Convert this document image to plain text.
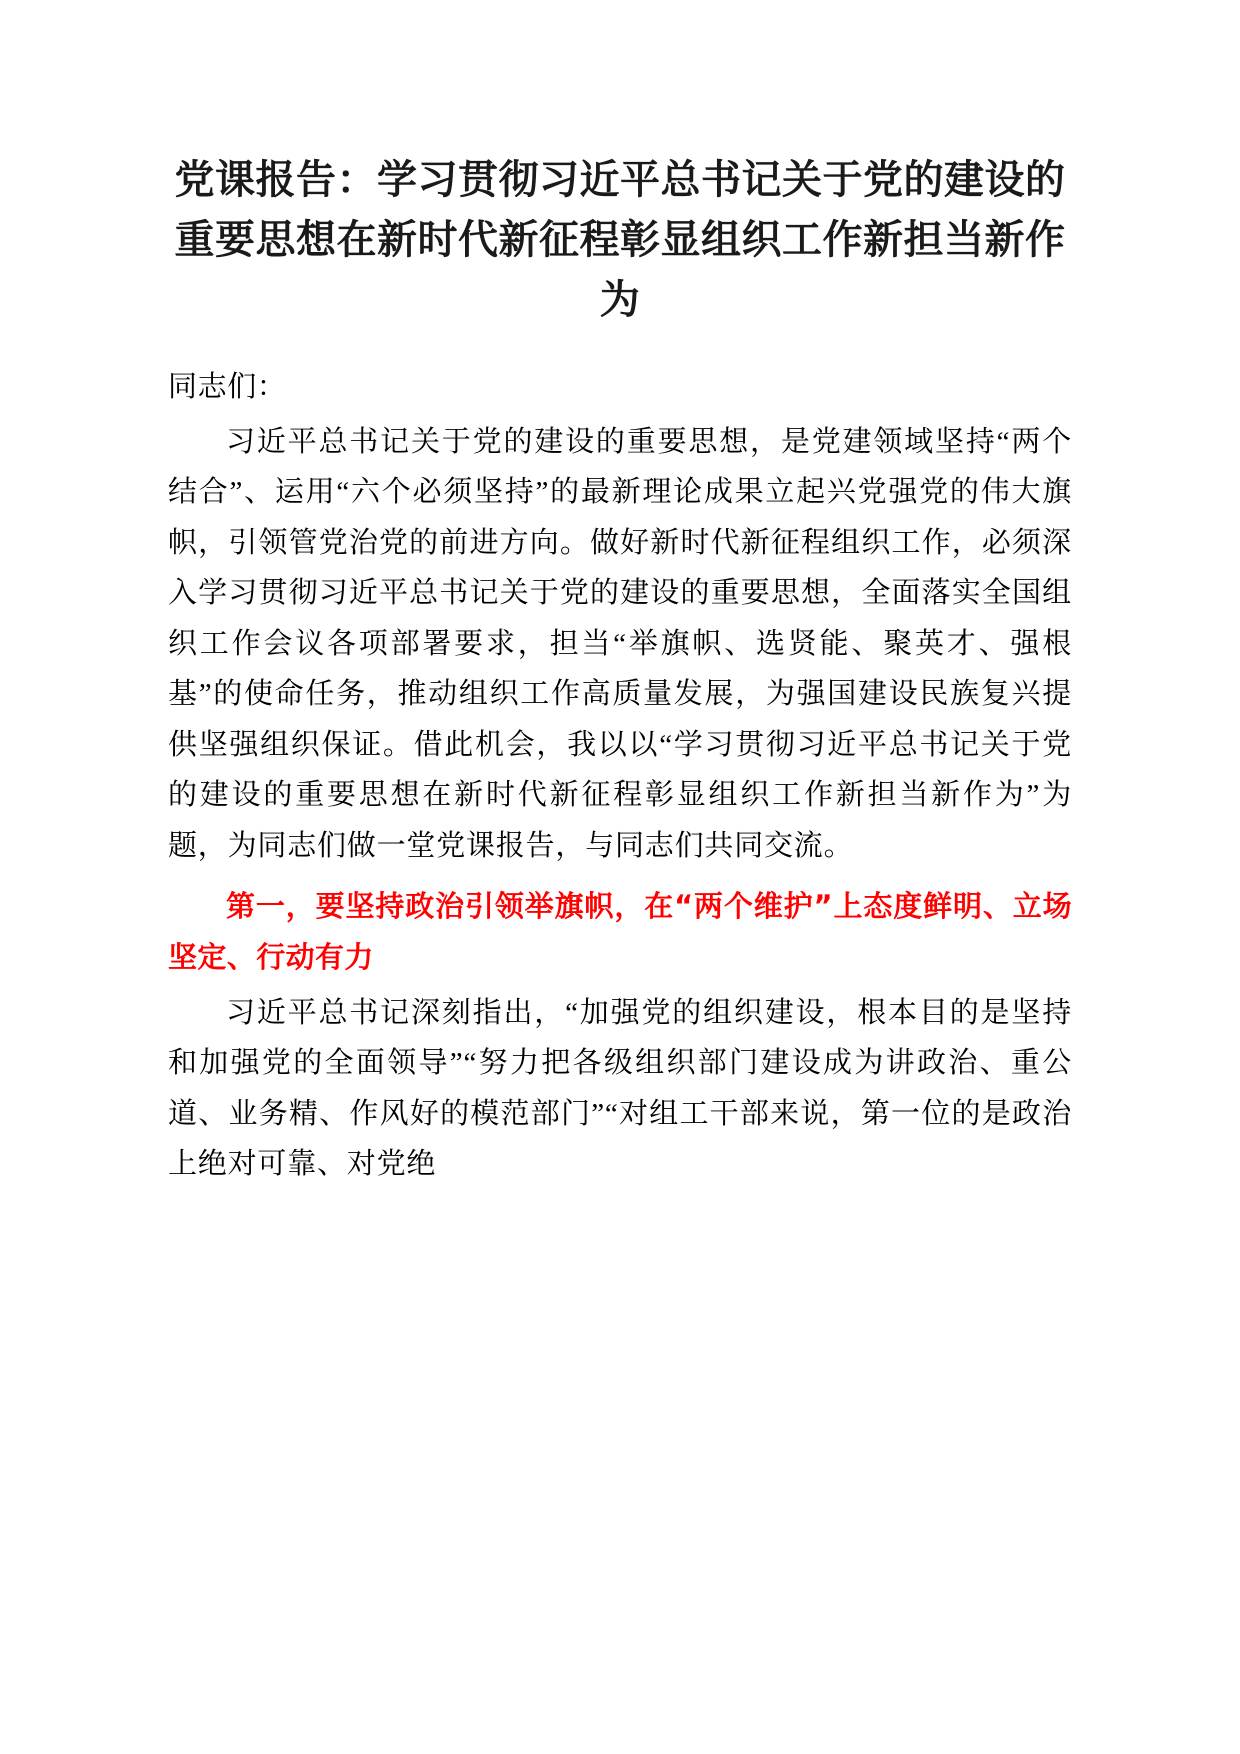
党课报告：学习贯彻习近平总书记关于党的建设的重要思想在新时代新征程彰显组织工作新担当新作为

同志们：

习近平总书记关于党的建设的重要思想，是党建领域坚持“两个结合”、运用“六个必须坚持”的最新理论成果立起兴党强党的伟大旗帜，引领管党治党的前进方向。做好新时代新征程组织工作，必须深入学习贯彻习近平总书记关于党的建设的重要思想，全面落实全国组织工作会议各项部署要求，担当“举旗帜、选贤能、聚英才、强根基”的使命任务，推动组织工作高质量发展，为强国建设民族复兴提供坚强组织保证。借此机会，我以以“学习贯彻习近平总书记关于党的建设的重要思想在新时代新征程彰显组织工作新担当新作为”为题，为同志们做一堂党课报告，与同志们共同交流。

第一，要坚持政治引领举旗帜，在“两个维护”上态度鲜明、立场坚定、行动有力

习近平总书记深刻指出，“加强党的组织建设，根本目的是坚持和加强党的全面领导”“努力把各级组织部门建设成为讲政治、重公道、业务精、作风好的模范部门”“对组工干部来说，第一位的是政治上绝对可靠、对党绝
